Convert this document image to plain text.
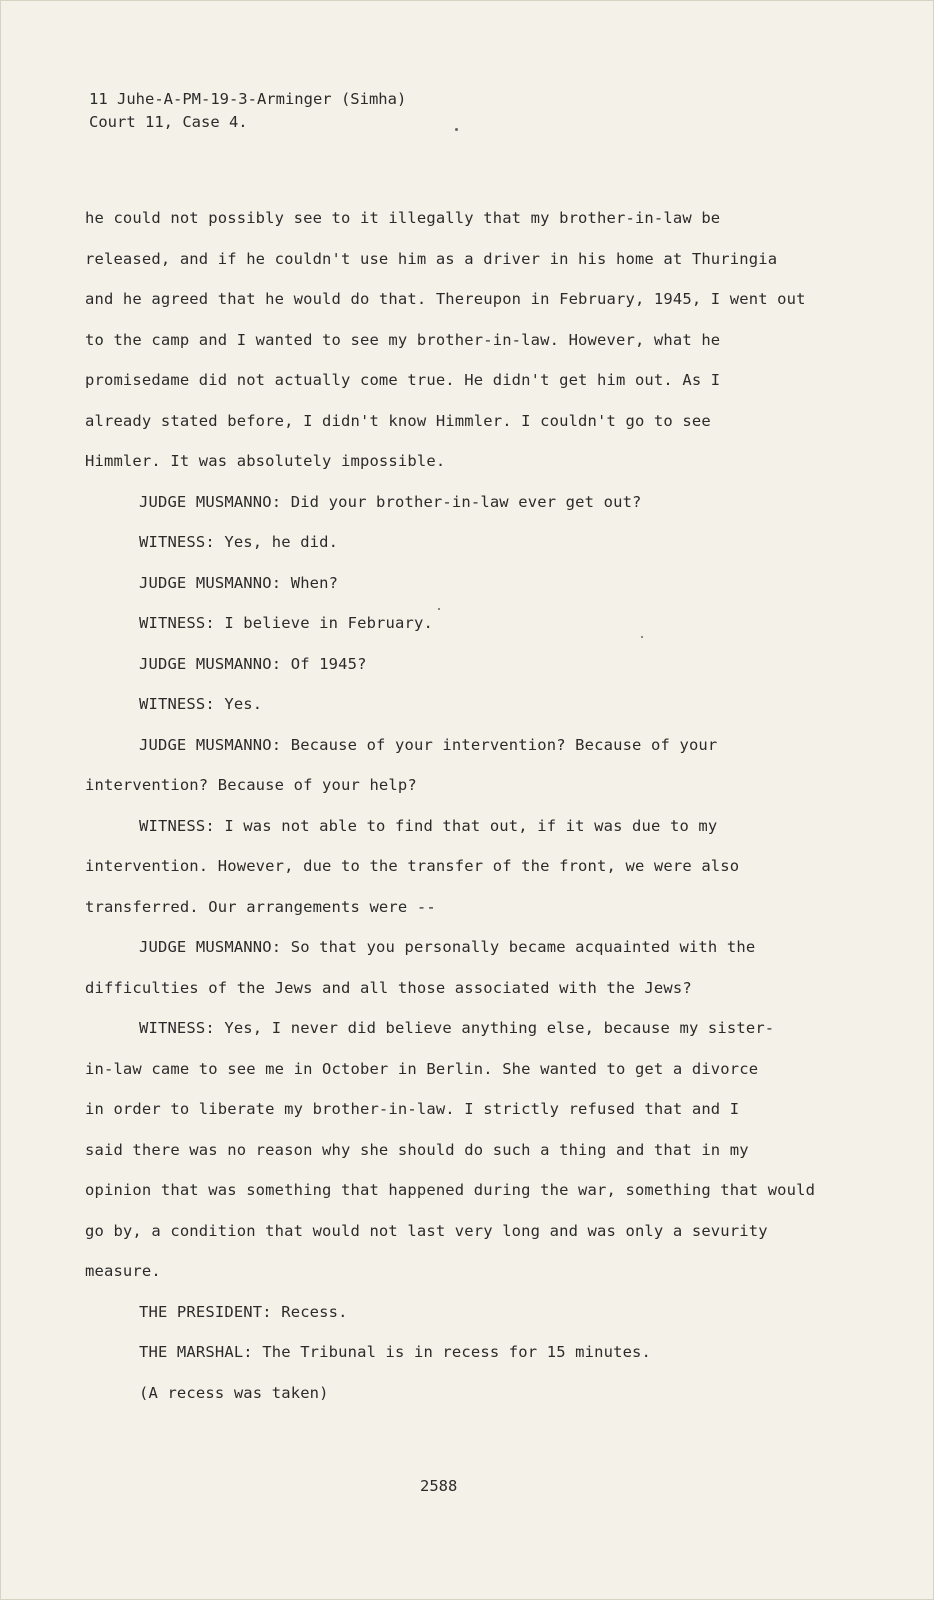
11 Juhe-A-PM-19-3-Arminger (Simha)
Court 11, Case 4.
he could not possibly see to it illegally that my brother-in-law be
released, and if he couldn't use him as a driver in his home at Thuringia
and he agreed that he would do that. Thereupon in February, 1945, I went out
to the camp and I wanted to see my brother-in-law. However, what he
promisedame did not actually come true. He didn't get him out. As I
already stated before, I didn't know Himmler. I couldn't go to see
Himmler. It was absolutely impossible.
JUDGE MUSMANNO: Did your brother-in-law ever get out?
WITNESS: Yes, he did.
JUDGE MUSMANNO: When?
WITNESS: I believe in February.
JUDGE MUSMANNO: Of 1945?
WITNESS: Yes.
JUDGE MUSMANNO: Because of your intervention? Because of your
intervention? Because of your help?
WITNESS: I was not able to find that out, if it was due to my
intervention. However, due to the transfer of the front, we were also
transferred. Our arrangements were --
JUDGE MUSMANNO: So that you personally became acquainted with the
difficulties of the Jews and all those associated with the Jews?
WITNESS: Yes, I never did believe anything else, because my sister-
in-law came to see me in October in Berlin. She wanted to get a divorce
in order to liberate my brother-in-law. I strictly refused that and I
said there was no reason why she should do such a thing and that in my
opinion that was something that happened during the war, something that would
go by, a condition that would not last very long and was only a sevurity
measure.
THE PRESIDENT: Recess.
THE MARSHAL: The Tribunal is in recess for 15 minutes.
(A recess was taken)
2588
